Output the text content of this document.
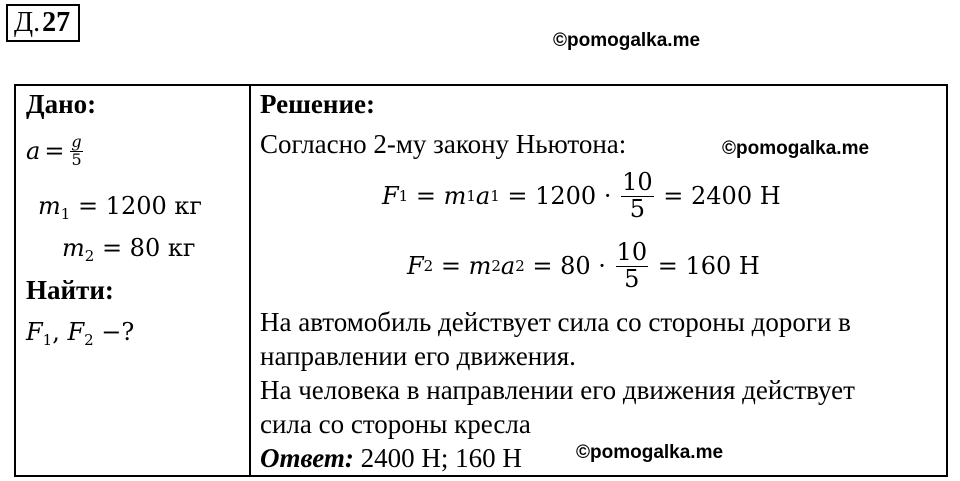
Д.27
©pomogalka.me
Дано:
$a = \frac{g}{5}$
$m_1 = 1200$ кг
$m_2 = 80$ кг
Найти:
$F_1$, $F_2$ −?
Решение:
Согласно 2-му закону Ньютона:	©pomogalka.me
F 1 = m 1 a $1 = 1200 \cdot \frac{10}{5} = 2400$ Н
F 2 = m 2 a $2 = 80 \cdot \frac{10}{5} = 160$ Н
На автомобиль действует сила со стороны дороги в
направлении его движения.
На человека в направлении его движения действует
сила со стороны кресла
Ответ: 2400 Н; 160 Н	©pomogalka.me
